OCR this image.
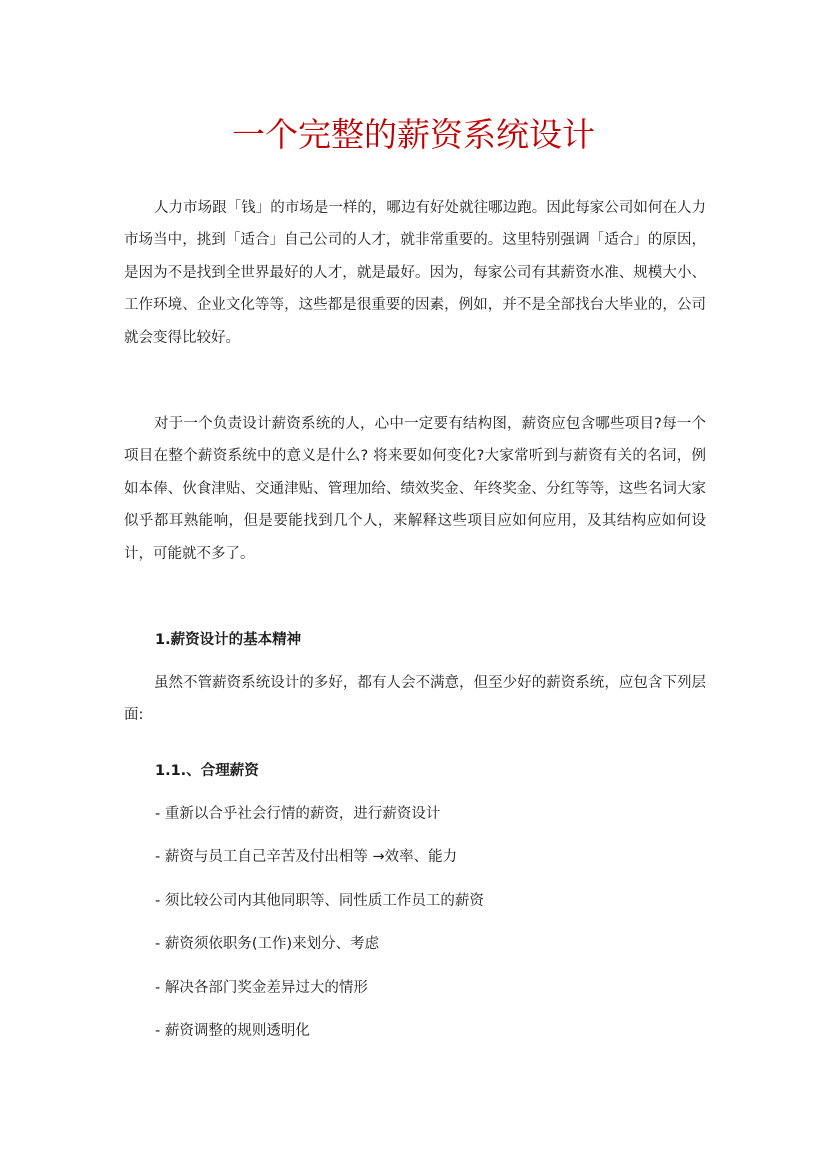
一个完整的薪资系统设计

人力市场跟「钱」的市场是一样的，哪边有好处就往哪边跑。因此每家公司如何在人力市场当中，挑到「适合」自己公司的人才，就非常重要的。这里特别强调「适合」的原因，是因为不是找到全世界最好的人才，就是最好。因为，每家公司有其薪资水准、规模大小、工作环境、企业文化等等，这些都是很重要的因素，例如，并不是全部找台大毕业的，公司就会变得比较好。

对于一个负责设计薪资系统的人，心中一定要有结构图，薪资应包含哪些项目?每一个项目在整个薪资系统中的意义是什么? 将来要如何变化?大家常听到与薪资有关的名词，例如本俸、伙食津贴、交通津贴、管理加给、绩效奖金、年终奖金、分红等等，这些名词大家似乎都耳熟能响，但是要能找到几个人，来解释这些项目应如何应用，及其结构应如何设计，可能就不多了。

1.薪资设计的基本精神

虽然不管薪资系统设计的多好，都有人会不满意，但至少好的薪资系统，应包含下列层面:

1.1.、合理薪资

- 重新以合乎社会行情的薪资，进行薪资设计
- 薪资与员工自己辛苦及付出相等 →效率、能力
- 须比较公司内其他同职等、同性质工作员工的薪资
- 薪资须依职务(工作)来划分、考虑
- 解决各部门奖金差异过大的情形
- 薪资调整的规则透明化
